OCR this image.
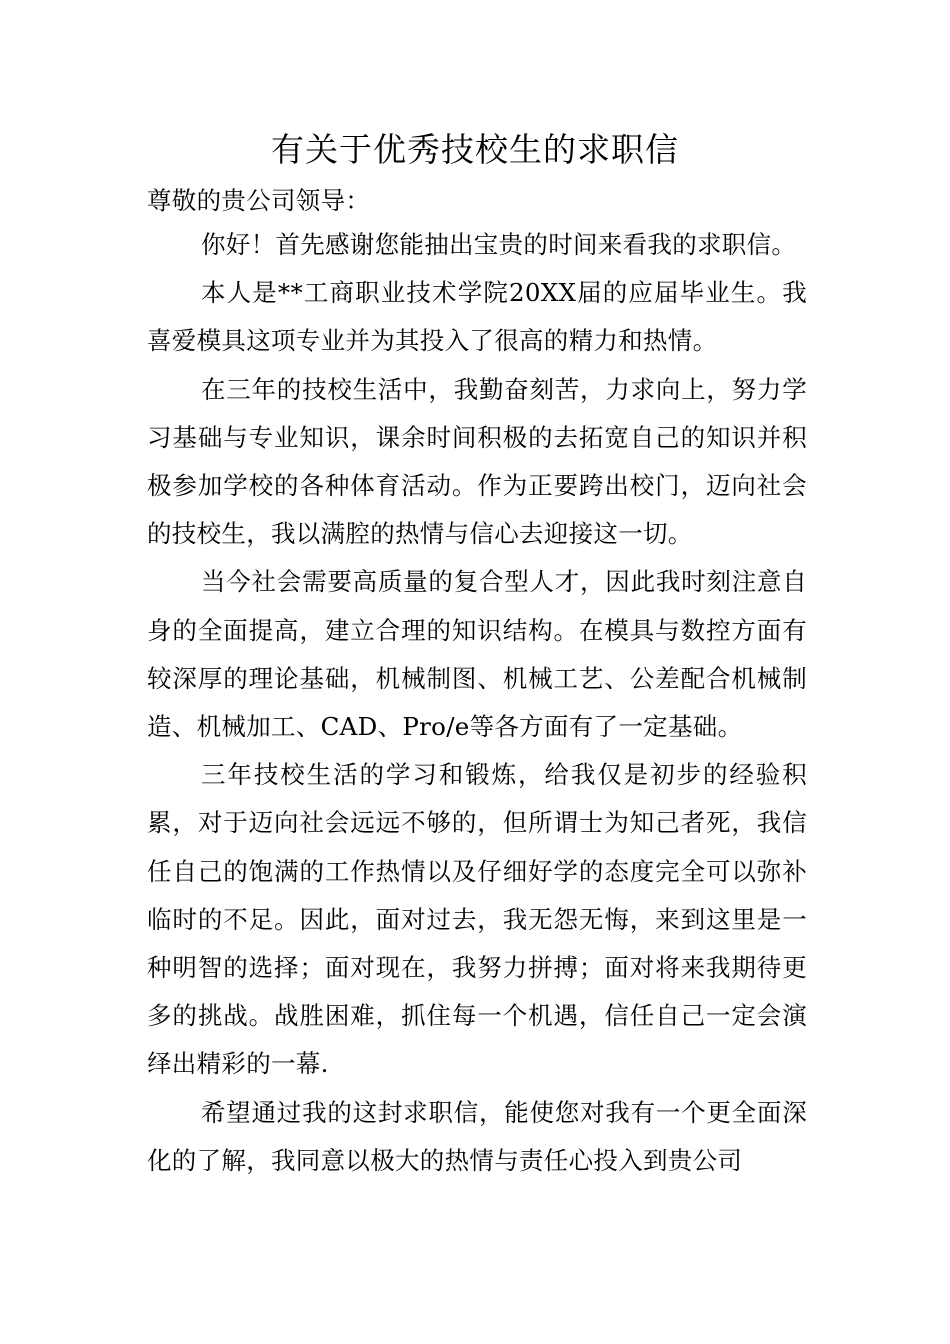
有关于优秀技校生的求职信

尊敬的贵公司领导：

你好！首先感谢您能抽出宝贵的时间来看我的求职信。

本人是**工商职业技术学院20XX届的应届毕业生。我喜爱模具这项专业并为其投入了很高的精力和热情。

在三年的技校生活中，我勤奋刻苦，力求向上，努力学习基础与专业知识，课余时间积极的去拓宽自己的知识并积极参加学校的各种体育活动。作为正要跨出校门，迈向社会的技校生，我以满腔的热情与信心去迎接这一切。

当今社会需要高质量的复合型人才，因此我时刻注意自身的全面提高，建立合理的知识结构。在模具与数控方面有较深厚的理论基础，机械制图、机械工艺、公差配合机械制造、机械加工、CAD、Pro/e等各方面有了一定基础。

三年技校生活的学习和锻炼，给我仅是初步的经验积累，对于迈向社会远远不够的，但所谓士为知己者死，我信任自己的饱满的工作热情以及仔细好学的态度完全可以弥补临时的不足。因此，面对过去，我无怨无悔，来到这里是一种明智的选择；面对现在，我努力拼搏；面对将来我期待更多的挑战。战胜困难，抓住每一个机遇，信任自己一定会演绎出精彩的一幕.

希望通过我的这封求职信，能使您对我有一个更全面深化的了解，我同意以极大的热情与责任心投入到贵公司
